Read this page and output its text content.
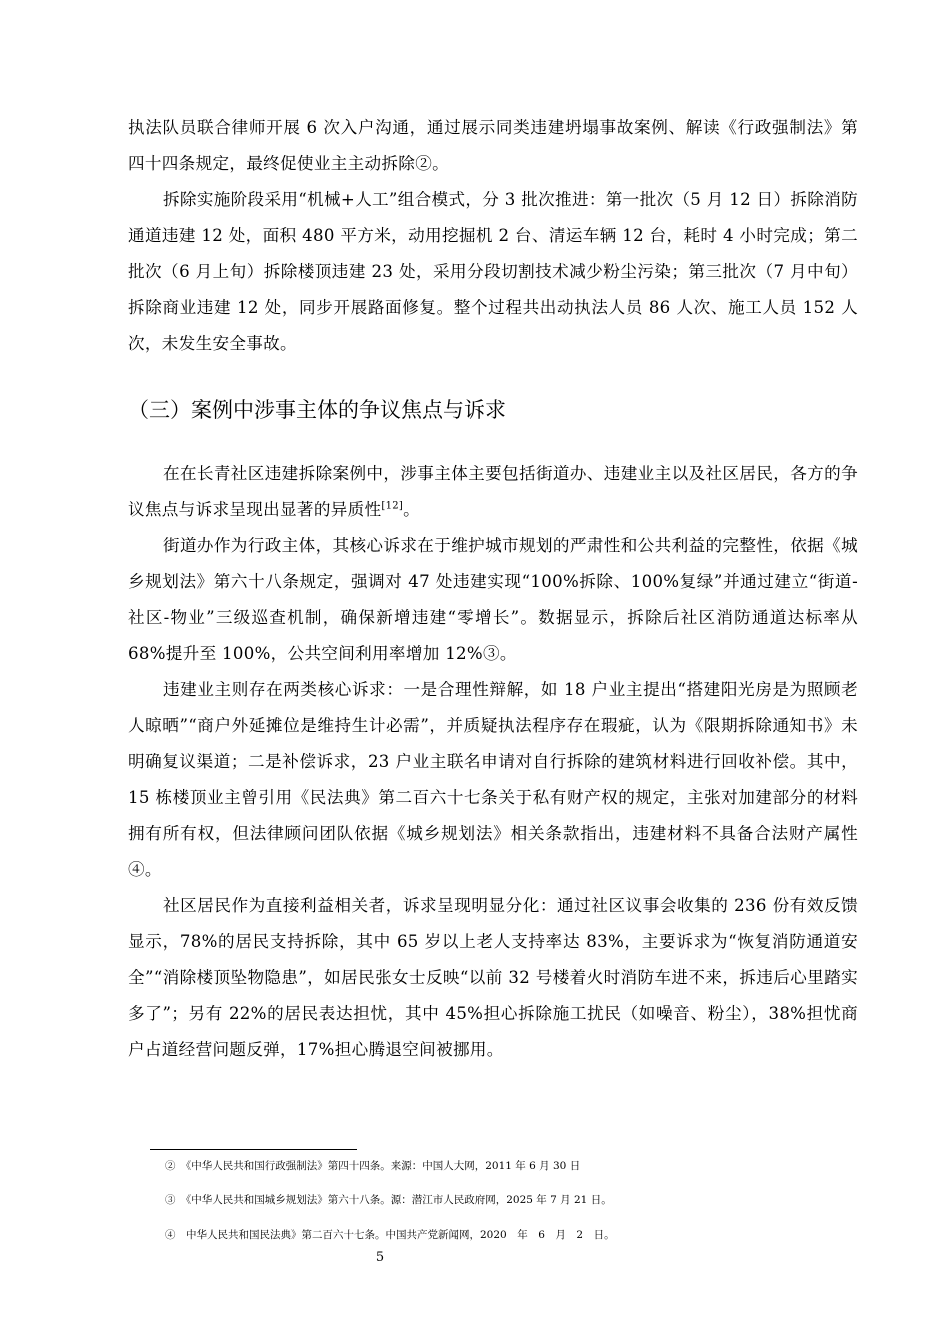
执法队员联合律师开展 6 次入户沟通，通过展示同类违建坍塌事故案例、解读《行政强制法》第四十四条规定，最终促使业主主动拆除②。

拆除实施阶段采用“机械+人工”组合模式，分 3 批次推进：第一批次（5 月 12 日）拆除消防通道违建 12 处，面积 480 平方米，动用挖掘机 2 台、清运车辆 12 台，耗时 4 小时完成；第二批次（6 月上旬）拆除楼顶违建 23 处，采用分段切割技术减少粉尘污染；第三批次（7 月中旬）拆除商业违建 12 处，同步开展路面修复。整个过程共出动执法人员 86 人次、施工人员 152 人次，未发生安全事故。

（三）案例中涉事主体的争议焦点与诉求

在在长青社区违建拆除案例中，涉事主体主要包括街道办、违建业主以及社区居民，各方的争议焦点与诉求呈现出显著的异质性[12]。

街道办作为行政主体，其核心诉求在于维护城市规划的严肃性和公共利益的完整性，依据《城乡规划法》第六十八条规定，强调对 47 处违建实现“100%拆除、100%复绿”并通过建立“街道-社区-物业”三级巡查机制，确保新增违建“零增长”。数据显示，拆除后社区消防通道达标率从 68%提升至 100%，公共空间利用率增加 12%③。

违建业主则存在两类核心诉求：一是合理性辩解，如 18 户业主提出“搭建阳光房是为照顾老人晾晒”“商户外延摊位是维持生计必需”，并质疑执法程序存在瑕疵，认为《限期拆除通知书》未明确复议渠道；二是补偿诉求，23 户业主联名申请对自行拆除的建筑材料进行回收补偿。其中，15 栋楼顶业主曾引用《民法典》第二百六十七条关于私有财产权的规定，主张对加建部分的材料拥有所有权，但法律顾问团队依据《城乡规划法》相关条款指出，违建材料不具备合法财产属性④。

社区居民作为直接利益相关者，诉求呈现明显分化：通过社区议事会收集的 236 份有效反馈显示，78%的居民支持拆除，其中 65 岁以上老人支持率达 83%，主要诉求为“恢复消防通道安全”“消除楼顶坠物隐患”，如居民张女士反映“以前 32 号楼着火时消防车进不来，拆违后心里踏实多了”；另有 22%的居民表达担忧，其中 45%担心拆除施工扰民（如噪音、粉尘），38%担忧商户占道经营问题反弹，17%担心腾退空间被挪用。

②　《中华人民共和国行政强制法》第四十四条。来源：中国人大网，2011 年 6 月 30 日

③　《中华人民共和国城乡规划法》第六十八条。源：潜江市人民政府网，2025 年 7 月 21 日。

④　中华人民共和国民法典》第二百六十七条。中国共产党新闻网，2020　年　6　月　2　日。

5
